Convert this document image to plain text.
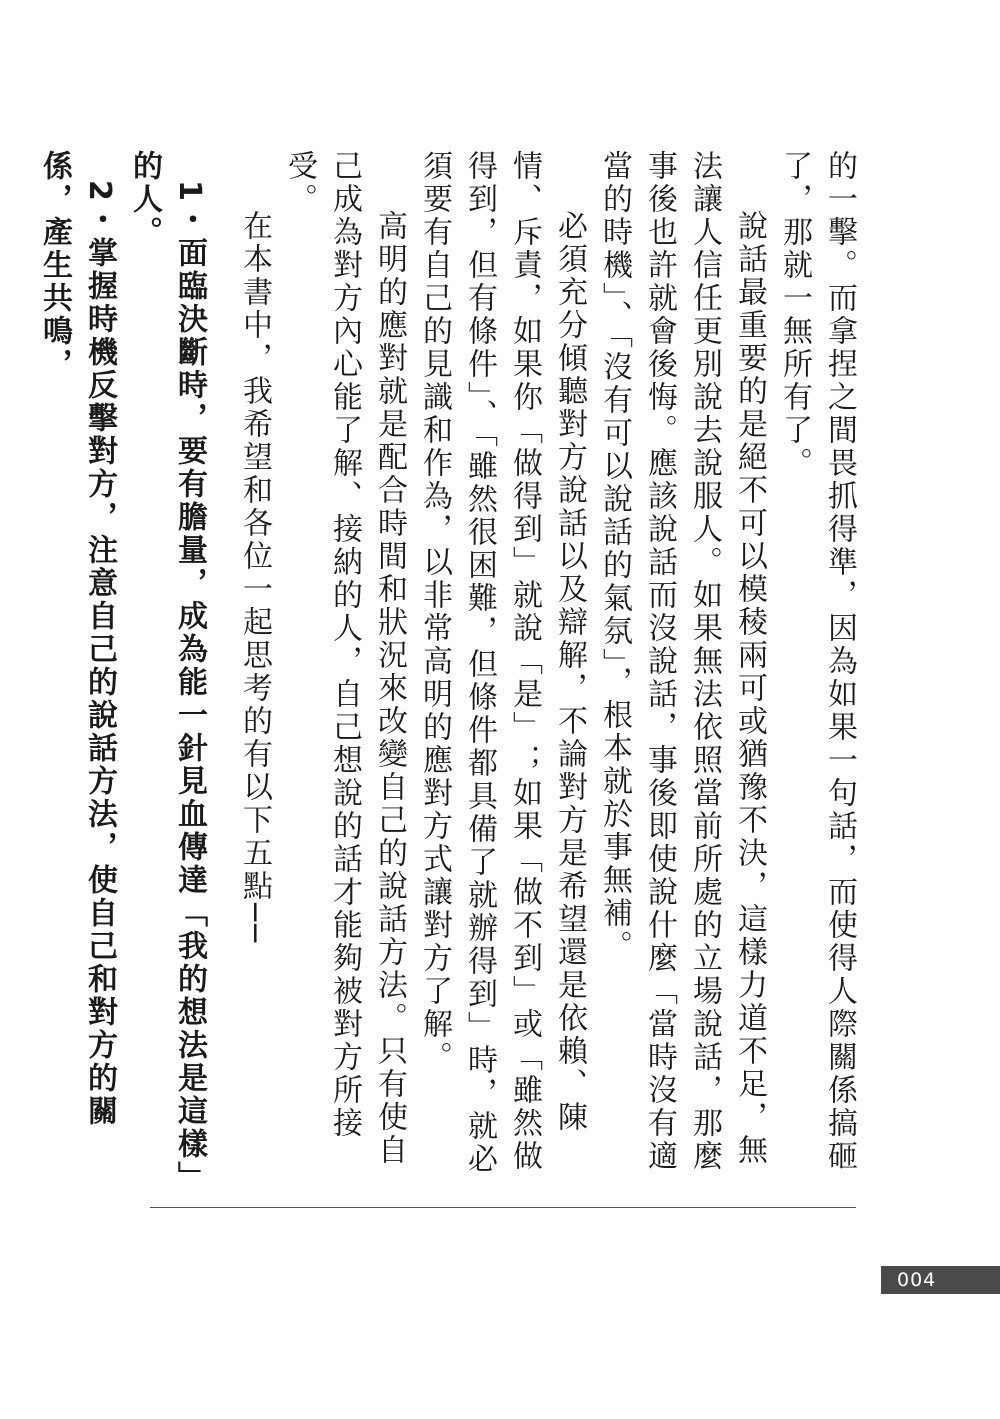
的一擊。而拿捏之間畏抓得準，因為如果一句話，而使得人際關係搞砸了，那就一無所有了。

說話最重要的是絕不可以模稜兩可或猶豫不決，這樣力道不足，無法讓人信任更別說去說服人。如果無法依照當前所處的立場說話，那麼事後也許就會後悔。應該說話而沒說話，事後即使說什麼「當時沒有適當的時機」、「沒有可以說話的氣氛」，根本就於事無補。

必須充分傾聽對方說話以及辯解，不論對方是希望還是依賴、陳情、斥責，如果你「做得到」就說「是」；如果「做不到」或「雖然做得到，但有條件」、「雖然很困難，但條件都具備了就辦得到」時，就必須要有自己的見識和作為，以非常高明的應對方式讓對方了解。

高明的應對就是配合時間和狀況來改變自己的說話方法。只有使自己成為對方內心能了解、接納的人，自己想說的話才能夠被對方所接受。

在本書中，我希望和各位一起思考的有以下五點──

1・面臨決斷時，要有膽量，成為能一針見血傳達「我的想法是這樣」的人。

2・掌握時機反擊對方，注意自己的說話方法，使自己和對方的關係，產生共鳴，

004
